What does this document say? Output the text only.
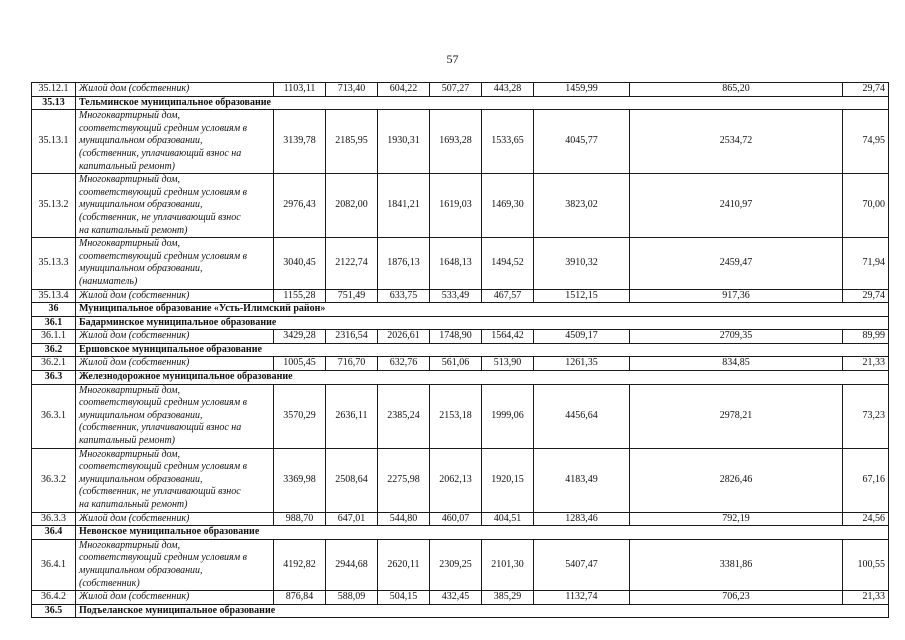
57
35.12.1	Жилой дом (собственник)	1103,11	713,40	604,22	507,27	443,28	1459,99	865,20	29,74
35.13	Тельминское муниципальное образование								
35.13.1	Многоквартирный дом,
соответствующий средним условиям в
муниципальном образовании,
(собственник, уплачивающий взнос на
капитальный ремонт)	3139,78	2185,95	1930,31	1693,28	1533,65	4045,77	2534,72	74,95
35.13.2	Многоквартирный дом,
соответствующий средним условиям в
муниципальном образовании,
(собственник, не уплачивающий взнос
на капитальный ремонт)	2976,43	2082,00	1841,21	1619,03	1469,30	3823,02	2410,97	70,00
35.13.3	Многоквартирный дом,
соответствующий средним условиям в
муниципальном образовании,
(наниматель)	3040,45	2122,74	1876,13	1648,13	1494,52	3910,32	2459,47	71,94
35.13.4	Жилой дом (собственник)	1155,28	751,49	633,75	533,49	467,57	1512,15	917,36	29,74
36	Муниципальное образование «Усть-Илимский район»								
36.1	Бадарминское муниципальное образование								
36.1.1	Жилой дом (собственник)	3429,28	2316,54	2026,61	1748,90	1564,42	4509,17	2709,35	89,99
36.2	Ершовское муниципальное образование								
36.2.1	Жилой дом (собственник)	1005,45	716,70	632,76	561,06	513,90	1261,35	834,85	21,33
36.3	Железнодорожное муниципальное образование								
36.3.1	Многоквартирный дом,
соответствующий средним условиям в
муниципальном образовании,
(собственник, уплачивающий взнос на
капитальный ремонт)	3570,29	2636,11	2385,24	2153,18	1999,06	4456,64	2978,21	73,23
36.3.2	Многоквартирный дом,
соответствующий средним условиям в
муниципальном образовании,
(собственник, не уплачивающий взнос
на капитальный ремонт)	3369,98	2508,64	2275,98	2062,13	1920,15	4183,49	2826,46	67,16
36.3.3	Жилой дом (собственник)	988,70	647,01	544,80	460,07	404,51	1283,46	792,19	24,56
36.4	Невонское муниципальное образование								
36.4.1	Многоквартирный дом,
соответствующий средним условиям в
муниципальном образовании,
(собственник)	4192,82	2944,68	2620,11	2309,25	2101,30	5407,47	3381,86	100,55
36.4.2	Жилой дом (собственник)	876,84	588,09	504,15	432,45	385,29	1132,74	706,23	21,33
36.5	Подъеланское муниципальное образование								
